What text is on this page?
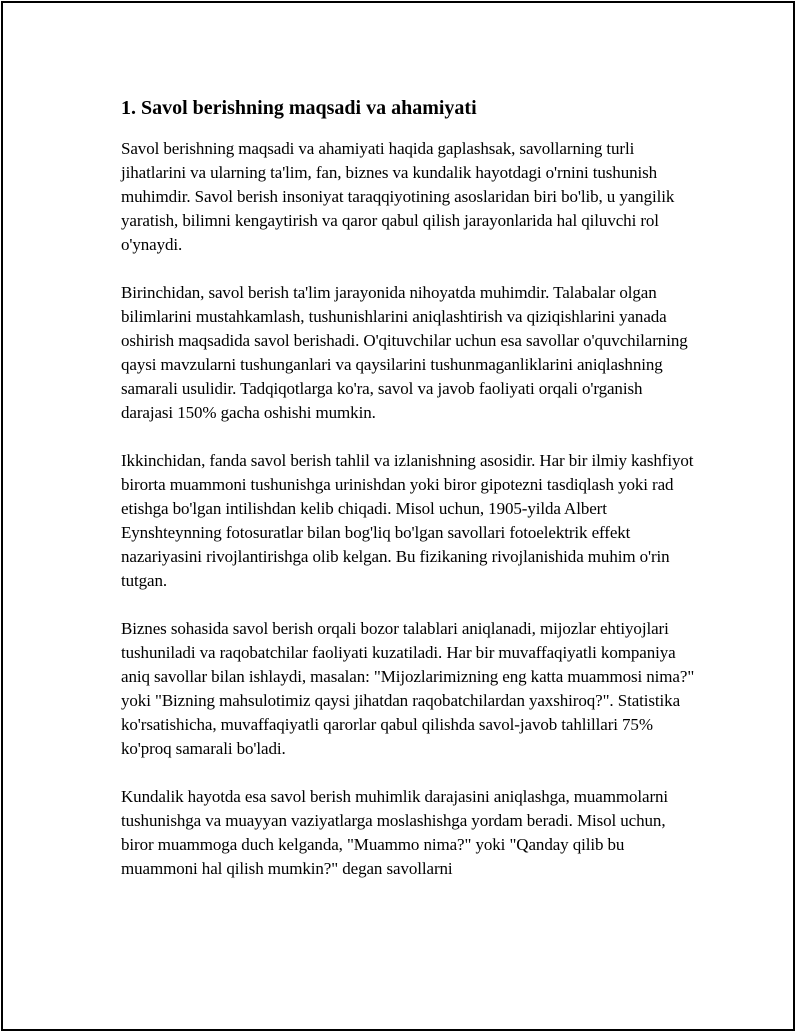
1. Savol berishning maqsadi va ahamiyati

Savol berishning maqsadi va ahamiyati haqida gaplashsak, savollarning turli jihatlarini va ularning ta'lim, fan, biznes va kundalik hayotdagi o'rnini tushunish muhimdir. Savol berish insoniyat taraqqiyotining asoslaridan biri bo'lib, u yangilik yaratish, bilimni kengaytirish va qaror qabul qilish jarayonlarida hal qiluvchi rol o'ynaydi.

Birinchidan, savol berish ta'lim jarayonida nihoyatda muhimdir. Talabalar olgan bilimlarini mustahkamlash, tushunishlarini aniqlashtirish va qiziqishlarini yanada oshirish maqsadida savol berishadi. O'qituvchilar uchun esa savollar o'quvchilarning qaysi mavzularni tushunganlari va qaysilarini tushunmaganliklarini aniqlashning samarali usulidir. Tadqiqotlarga ko'ra, savol va javob faoliyati orqali o'rganish darajasi 150% gacha oshishi mumkin.

Ikkinchidan, fanda savol berish tahlil va izlanishning asosidir. Har bir ilmiy kashfiyot birorta muammoni tushunishga urinishdan yoki biror gipotezni tasdiqlash yoki rad etishga bo'lgan intilishdan kelib chiqadi. Misol uchun, 1905-yilda Albert Eynshteynning fotosuratlar bilan bog'liq bo'lgan savollari fotoelektrik effekt nazariyasini rivojlantirishga olib kelgan. Bu fizikaning rivojlanishida muhim o'rin tutgan.

Biznes sohasida savol berish orqali bozor talablari aniqlanadi, mijozlar ehtiyojlari tushuniladi va raqobatchilar faoliyati kuzatiladi. Har bir muvaffaqiyatli kompaniya aniq savollar bilan ishlaydi, masalan: "Mijozlarimizning eng katta muammosi nima?" yoki "Bizning mahsulotimiz qaysi jihatdan raqobatchilardan yaxshiroq?". Statistika ko'rsatishicha, muvaffaqiyatli qarorlar qabul qilishda savol-javob tahlillari 75% ko'proq samarali bo'ladi.

Kundalik hayotda esa savol berish muhimlik darajasini aniqlashga, muammolarni tushunishga va muayyan vaziyatlarga moslashishga yordam beradi. Misol uchun, biror muammoga duch kelganda, "Muammo nima?" yoki "Qanday qilib bu muammoni hal qilish mumkin?" degan savollarni
